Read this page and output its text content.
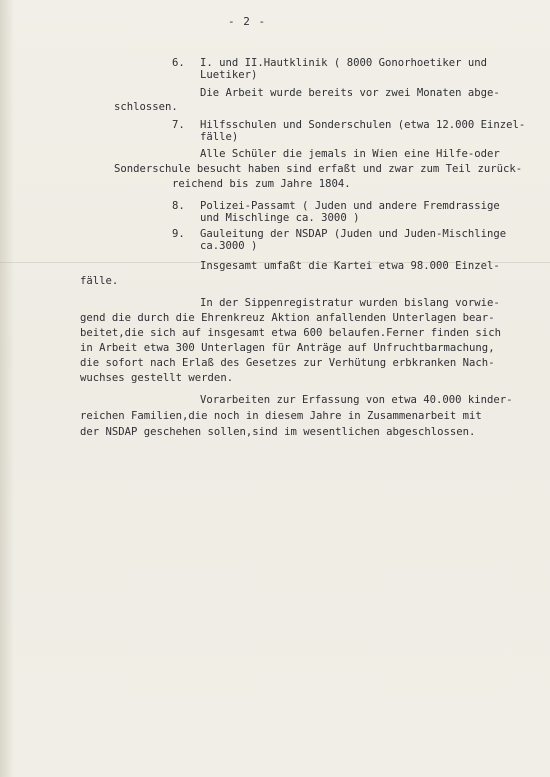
- 2 -
6. I. und II.Hautklinik ( 8000 Gonorhoetiker und
Luetiker)
Die Arbeit wurde bereits vor zwei Monaten abge-
schlossen.
7. Hilfsschulen und Sonderschulen (etwa 12.000 Einzel-
fälle)
Alle Schüler die jemals in Wien eine Hilfe-oder
Sonderschule besucht haben sind erfaßt und zwar zum Teil zurück-
reichend bis zum Jahre 1804.
8. Polizei-Passamt ( Juden und andere Fremdrassige
und Mischlinge ca. 3000 )
9. Gauleitung der NSDAP (Juden und Juden-Mischlinge
ca.3000 )
Insgesamt umfaßt die Kartei etwa 98.000 Einzel-
fälle.
In der Sippenregistratur wurden bislang vorwie-
gend die durch die Ehrenkreuz Aktion anfallenden Unterlagen bear-
beitet,die sich auf insgesamt etwa 600 belaufen.Ferner finden sich
in Arbeit etwa 300 Unterlagen für Anträge auf Unfruchtbarmachung,
die sofort nach Erlaß des Gesetzes zur Verhütung erbkranken Nach-
wuchses gestellt werden.
Vorarbeiten zur Erfassung von etwa 40.000 kinder-
reichen Familien,die noch in diesem Jahre in Zusammenarbeit mit
der NSDAP geschehen sollen,sind im wesentlichen abgeschlossen.
